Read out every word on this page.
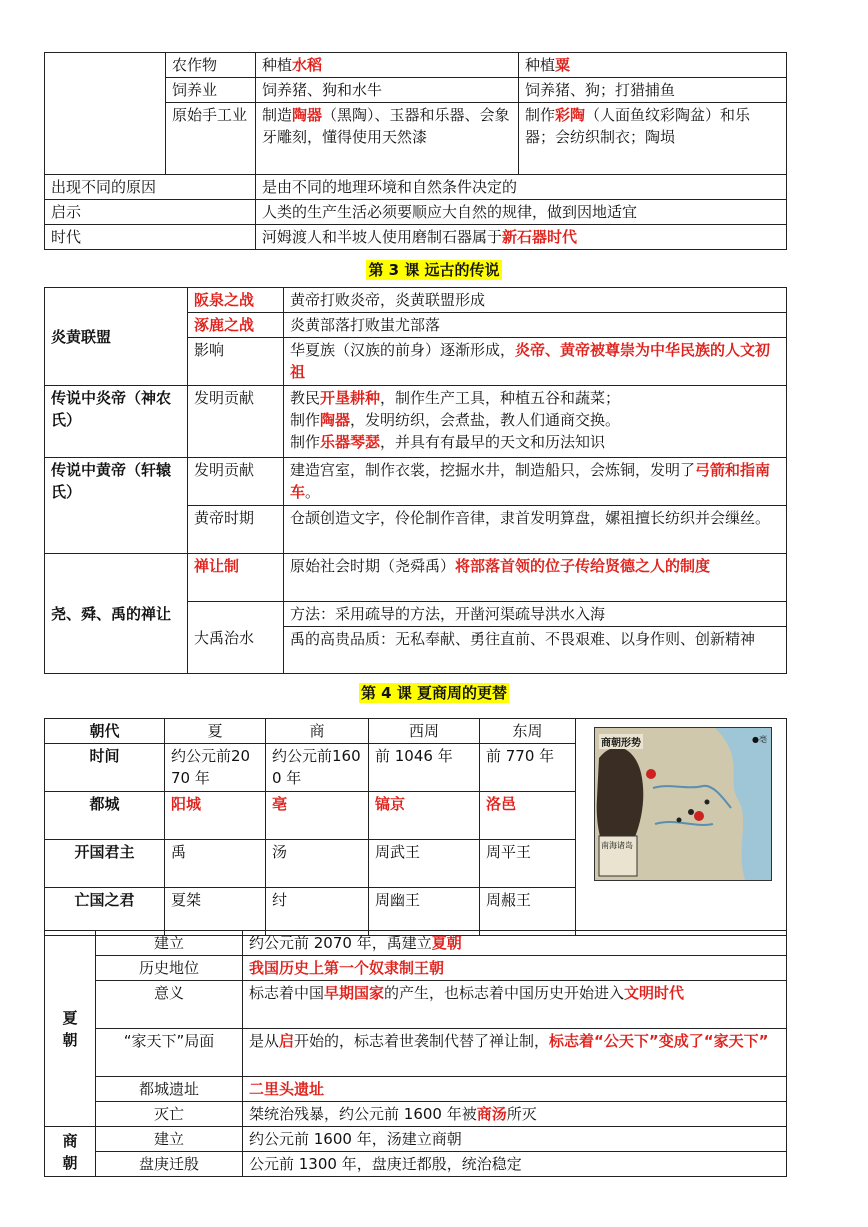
	农作物	种植水稻	种植粟
	饲养业	饲养猪、狗和水牛	饲养猪、狗；打猎捕鱼
	原始手工业	制造陶器（黑陶）、玉器和乐器、会象牙雕刻，懂得使用天然漆	制作彩陶（人面鱼纹彩陶盆）和乐器；会纺织制衣；陶埙
出现不同的原因		是由不同的地理环境和自然条件决定的	
启示		人类的生产生活必须要顺应大自然的规律，做到因地适宜	
时代		河姆渡人和半坡人使用磨制石器属于新石器时代	
第 3 课 远古的传说
炎黄联盟	阪泉之战	黄帝打败炎帝，炎黄联盟形成
	涿鹿之战	炎黄部落打败蚩尤部落
	影响	华夏族（汉族的前身）逐渐形成，炎帝、黄帝被尊崇为中华民族的人文初祖
传说中炎帝（神农氏）	发明贡献	教民开垦耕种，制作生产工具，种植五谷和蔬菜；
制作陶器，发明纺织，会煮盐，教人们通商交换。
制作乐器琴瑟，并具有有最早的天文和历法知识

传说中黄帝（轩辕氏）	发明贡献	建造宫室，制作衣裳，挖掘水井，制造船只，会炼铜，发明了弓箭和指南车。
	黄帝时期	仓颉创造文字，伶伦制作音律，隶首发明算盘，嫘祖擅长纺织并会缫丝。
尧、舜、禹的禅让	禅让制	原始社会时期（尧舜禹）将部落首领的位子传给贤德之人的制度
	大禹治水	方法：采用疏导的方法，开凿河渠疏导洪水入海
禹的高贵品质：无私奉献、勇往直前、不畏艰难、以身作则、创新精神
第 4 课 夏商周的更替
朝代	夏	商	西周	东周	
时间	约公元前2070 年	约公元前1600 年	前 1046 年	前 770 年	
都城	阳城	亳	镐京	洛邑	
开国君主	禹	汤	周武王	周平王	
亡国之君	夏桀	纣	周幽王	周赧王	
商朝形势	●亳
南海诸岛
夏朝	建立	约公元前 2070 年，禹建立夏朝
	历史地位	我国历史上第一个奴隶制王朝
	意义	标志着中国早期国家的产生，也标志着中国历史开始进入文明时代
	“家天下”局面	是从启开始的，标志着世袭制代替了禅让制，标志着“公天下”变成了“家天下”
	都城遗址	二里头遗址
	灭亡	桀统治残暴，约公元前 1600 年被商汤所灭
商朝	建立	约公元前 1600 年，汤建立商朝
	盘庚迁殷	公元前 1300 年，盘庚迁都殷，统治稳定
